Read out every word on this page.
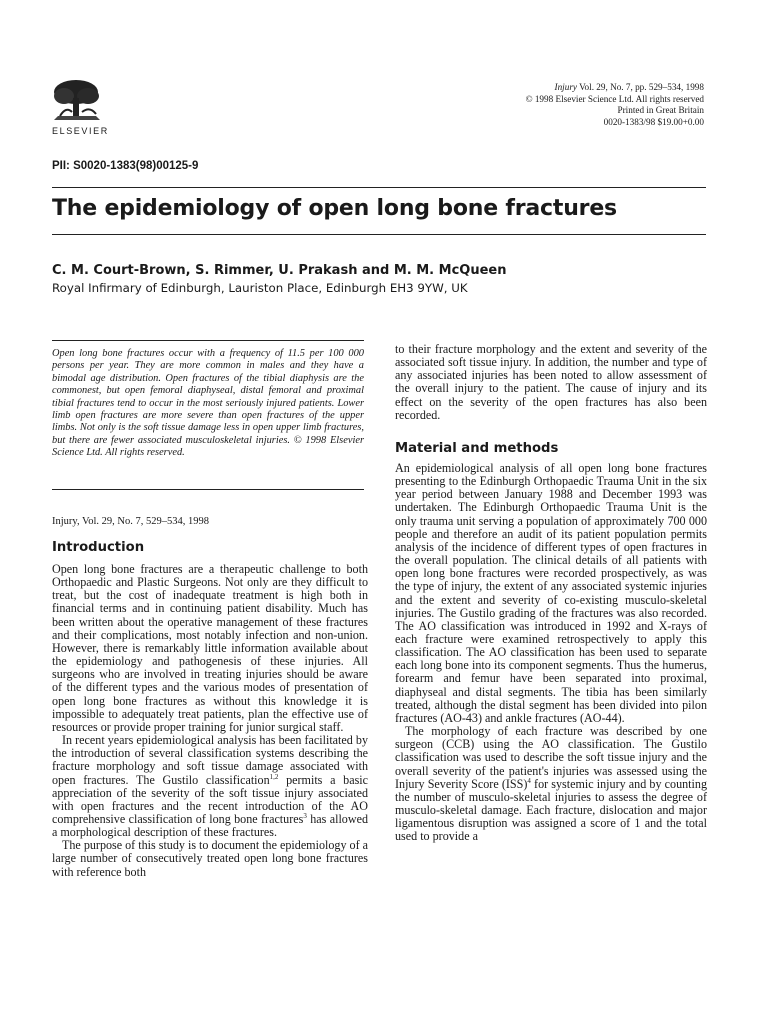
ELSEVIER
Injury Vol. 29, No. 7, pp. 529–534, 1998
© 1998 Elsevier Science Ltd. All rights reserved
Printed in Great Britain
0020-1383/98 $19.00+0.00
PII: S0020-1383(98)00125-9
The epidemiology of open long bone fractures
C. M. Court-Brown, S. Rimmer, U. Prakash and M. M. McQueen
Royal Infirmary of Edinburgh, Lauriston Place, Edinburgh EH3 9YW, UK

Open long bone fractures occur with a frequency of 11.5 per 100 000 persons per year. They are more common in males and they have a bimodal age distribution. Open fractures of the tibial diaphysis are the commonest, but open femoral diaphyseal, distal femoral and proximal tibial fractures tend to occur in the most seriously injured patients. Lower limb open fractures are more severe than open fractures of the upper limbs. Not only is the soft tissue damage less in open upper limb fractures, but there are fewer associated musculoskeletal injuries. © 1998 Elsevier Science Ltd. All rights reserved.

Injury, Vol. 29, No. 7, 529–534, 1998
Introduction

Open long bone fractures are a therapeutic challenge to both Orthopaedic and Plastic Surgeons. Not only are they difficult to treat, but the cost of inadequate treatment is high both in financial terms and in continuing patient disability. Much has been written about the operative management of these fractures and their complications, most notably infection and non-union. However, there is remarkably little information available about the epidemiology and pathogenesis of these injuries. All surgeons who are involved in treating injuries should be aware of the different types and the various modes of presentation of open long bone fractures as without this knowledge it is impossible to adequately treat patients, plan the effective use of resources or provide proper training for junior surgical staff.

In recent years epidemiological analysis has been facilitated by the introduction of several classification systems describing the fracture morphology and soft tissue damage associated with open fractures. The Gustilo classification$^{1,2}$ permits a basic appreciation of the severity of the soft tissue injury associated with open fractures and the recent introduction of the AO comprehensive classification of long bone fractures$^3$ has allowed a morphological description of these fractures.

The purpose of this study is to document the epidemiology of a large number of consecutively treated open long bone fractures with reference both

to their fracture morphology and the extent and severity of the associated soft tissue injury. In addition, the number and type of any associated injuries has been noted to allow assessment of the overall injury to the patient. The cause of injury and its effect on the severity of the open fractures has also been recorded.

Material and methods

An epidemiological analysis of all open long bone fractures presenting to the Edinburgh Orthopaedic Trauma Unit in the six year period between January 1988 and December 1993 was undertaken. The Edinburgh Orthopaedic Trauma Unit is the only trauma unit serving a population of approximately 700 000 people and therefore an audit of its patient population permits analysis of the incidence of different types of open fractures in the overall population. The clinical details of all patients with open long bone fractures were recorded prospectively, as was the type of injury, the extent of any associated systemic injuries and the extent and severity of co-existing musculo-skeletal injuries. The Gustilo grading of the fractures was also recorded. The AO classification was introduced in 1992 and X-rays of each fracture were examined retrospectively to apply this classification. The AO classification has been used to separate each long bone into its component segments. Thus the humerus, forearm and femur have been separated into proximal, diaphyseal and distal segments. The tibia has been similarly treated, although the distal segment has been divided into pilon fractures (AO-43) and ankle fractures (AO-44).

The morphology of each fracture was described by one surgeon (CCB) using the AO classification. The Gustilo classification was used to describe the soft tissue injury and the overall severity of the patient's injuries was assessed using the Injury Severity Score (ISS)$^4$ for systemic injury and by counting the number of musculo-skeletal injuries to assess the degree of musculo-skeletal damage. Each fracture, dislocation and major ligamentous disruption was assigned a score of 1 and the total used to provide a
